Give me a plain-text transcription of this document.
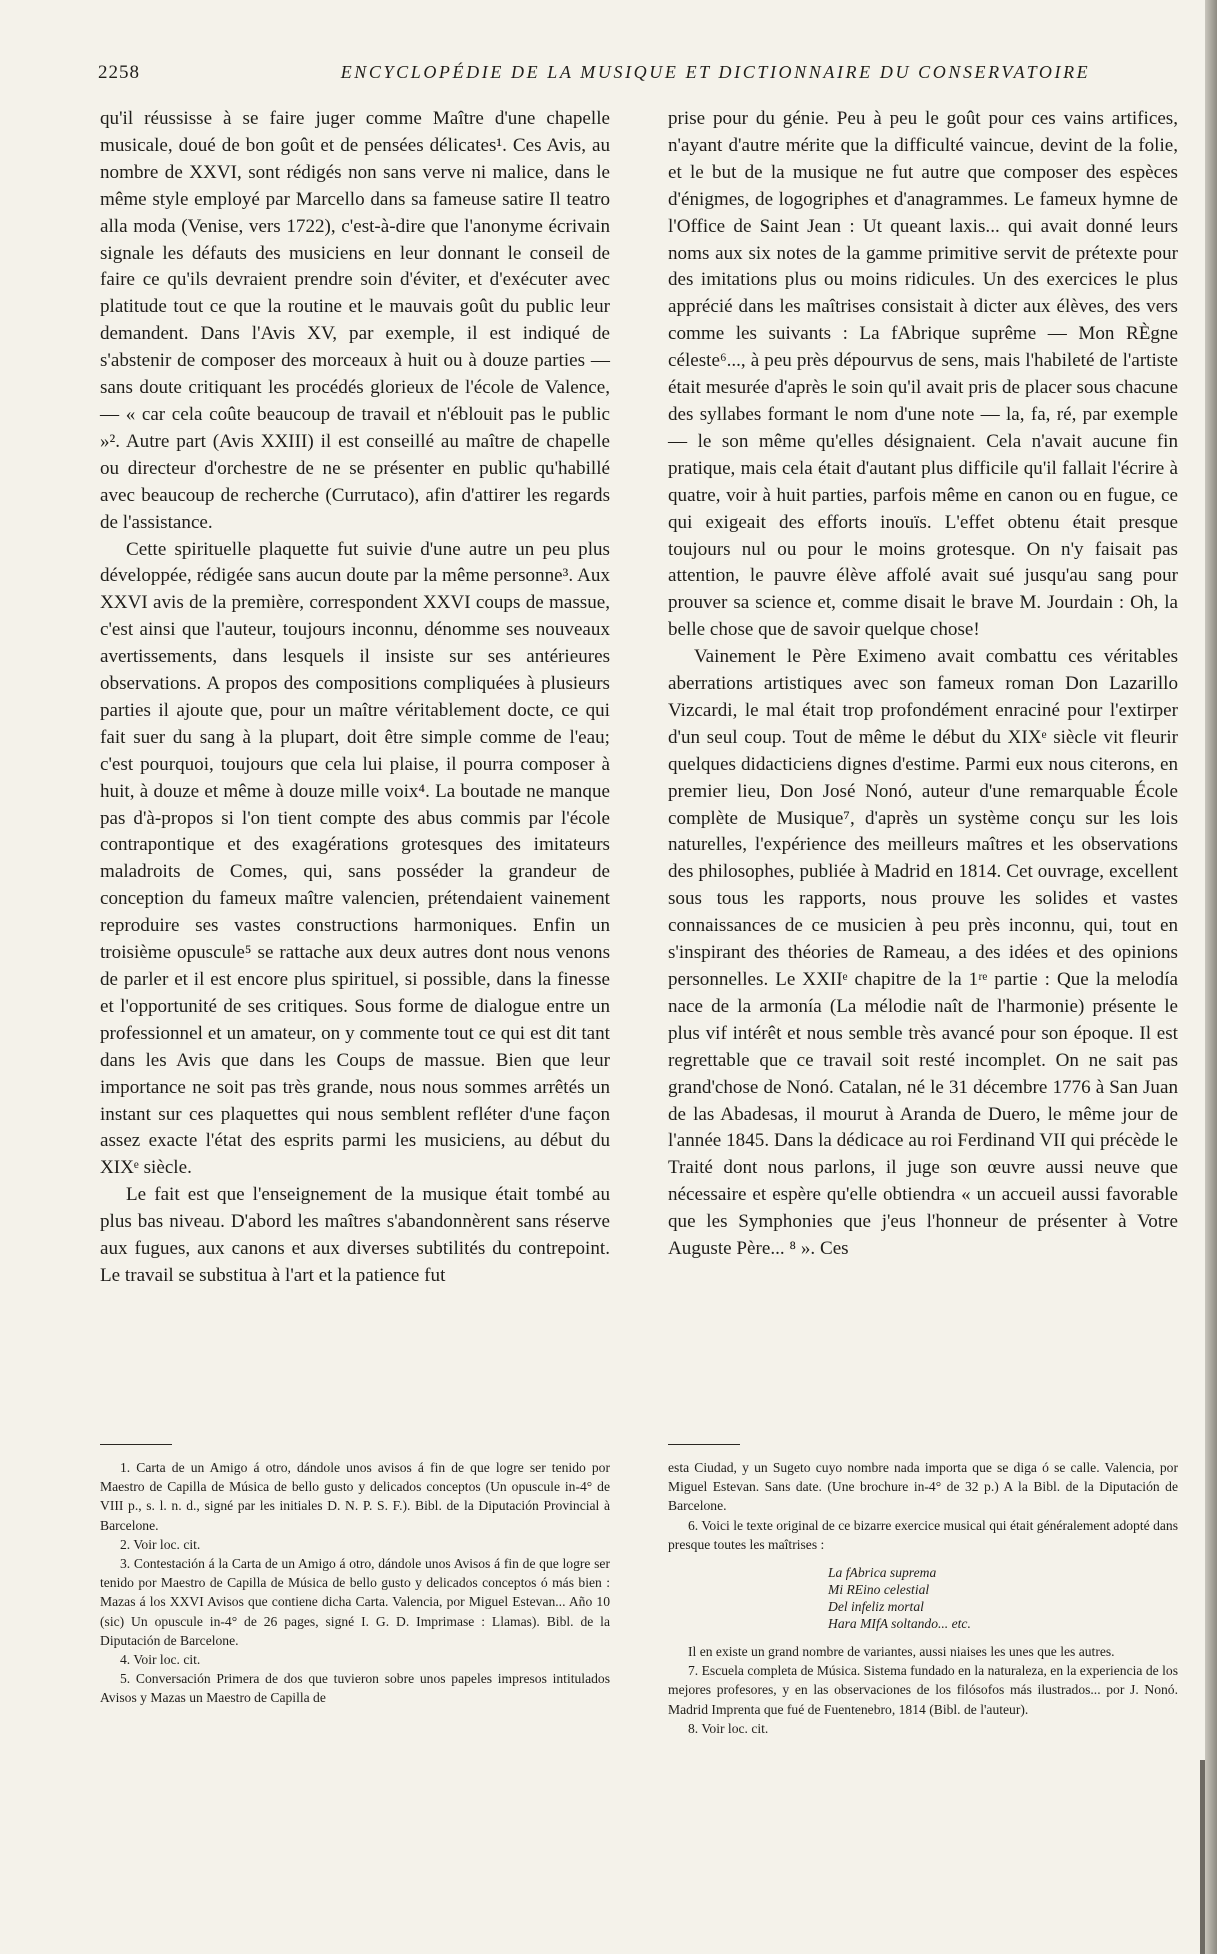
2258	ENCYCLOPÉDIE DE LA MUSIQUE ET DICTIONNAIRE DU CONSERVATOIRE

qu'il réussisse à se faire juger comme Maître d'une chapelle musicale, doué de bon goût et de pensées délicates¹. Ces Avis, au nombre de XXVI, sont rédigés non sans verve ni malice, dans le même style employé par Marcello dans sa fameuse satire Il teatro alla moda (Venise, vers 1722), c'est-à-dire que l'anonyme écrivain signale les défauts des musiciens en leur donnant le conseil de faire ce qu'ils devraient prendre soin d'éviter, et d'exécuter avec platitude tout ce que la routine et le mauvais goût du public leur demandent. Dans l'Avis XV, par exemple, il est indiqué de s'abstenir de composer des morceaux à huit ou à douze parties — sans doute critiquant les procédés glorieux de l'école de Valence, — « car cela coûte beaucoup de travail et n'éblouit pas le public »². Autre part (Avis XXIII) il est conseillé au maître de chapelle ou directeur d'orchestre de ne se présenter en public qu'habillé avec beaucoup de recherche (Currutaco), afin d'attirer les regards de l'assistance.

Cette spirituelle plaquette fut suivie d'une autre un peu plus développée, rédigée sans aucun doute par la même personne³. Aux XXVI avis de la première, correspondent XXVI coups de massue, c'est ainsi que l'auteur, toujours inconnu, dénomme ses nouveaux avertissements, dans lesquels il insiste sur ses antérieures observations. A propos des compositions compliquées à plusieurs parties il ajoute que, pour un maître véritablement docte, ce qui fait suer du sang à la plupart, doit être simple comme de l'eau; c'est pourquoi, toujours que cela lui plaise, il pourra composer à huit, à douze et même à douze mille voix⁴. La boutade ne manque pas d'à-propos si l'on tient compte des abus commis par l'école contrapontique et des exagérations grotesques des imitateurs maladroits de Comes, qui, sans posséder la grandeur de conception du fameux maître valencien, prétendaient vainement reproduire ses vastes constructions harmoniques. Enfin un troisième opuscule⁵ se rattache aux deux autres dont nous venons de parler et il est encore plus spirituel, si possible, dans la finesse et l'opportunité de ses critiques. Sous forme de dialogue entre un professionnel et un amateur, on y commente tout ce qui est dit tant dans les Avis que dans les Coups de massue. Bien que leur importance ne soit pas très grande, nous nous sommes arrêtés un instant sur ces plaquettes qui nous semblent refléter d'une façon assez exacte l'état des esprits parmi les musiciens, au début du XIXᵉ siècle.

Le fait est que l'enseignement de la musique était tombé au plus bas niveau. D'abord les maîtres s'abandonnèrent sans réserve aux fugues, aux canons et aux diverses subtilités du contrepoint. Le travail se substitua à l'art et la patience fut

prise pour du génie. Peu à peu le goût pour ces vains artifices, n'ayant d'autre mérite que la difficulté vaincue, devint de la folie, et le but de la musique ne fut autre que composer des espèces d'énigmes, de logogriphes et d'anagrammes. Le fameux hymne de l'Office de Saint Jean : Ut queant laxis... qui avait donné leurs noms aux six notes de la gamme primitive servit de prétexte pour des imitations plus ou moins ridicules. Un des exercices le plus apprécié dans les maîtrises consistait à dicter aux élèves, des vers comme les suivants : La fAbrique suprême — Mon RÈgne céleste⁶..., à peu près dépourvus de sens, mais l'habileté de l'artiste était mesurée d'après le soin qu'il avait pris de placer sous chacune des syllabes formant le nom d'une note — la, fa, ré, par exemple — le son même qu'elles désignaient. Cela n'avait aucune fin pratique, mais cela était d'autant plus difficile qu'il fallait l'écrire à quatre, voir à huit parties, parfois même en canon ou en fugue, ce qui exigeait des efforts inouïs. L'effet obtenu était presque toujours nul ou pour le moins grotesque. On n'y faisait pas attention, le pauvre élève affolé avait sué jusqu'au sang pour prouver sa science et, comme disait le brave M. Jourdain : Oh, la belle chose que de savoir quelque chose!

Vainement le Père Eximeno avait combattu ces véritables aberrations artistiques avec son fameux roman Don Lazarillo Vizcardi, le mal était trop profondément enraciné pour l'extirper d'un seul coup. Tout de même le début du XIXᵉ siècle vit fleurir quelques didacticiens dignes d'estime. Parmi eux nous citerons, en premier lieu, Don José Nonó, auteur d'une remarquable École complète de Musique⁷, d'après un système conçu sur les lois naturelles, l'expérience des meilleurs maîtres et les observations des philosophes, publiée à Madrid en 1814. Cet ouvrage, excellent sous tous les rapports, nous prouve les solides et vastes connaissances de ce musicien à peu près inconnu, qui, tout en s'inspirant des théories de Rameau, a des idées et des opinions personnelles. Le XXIIᵉ chapitre de la 1ʳᵉ partie : Que la melodía nace de la armonía (La mélodie naît de l'harmonie) présente le plus vif intérêt et nous semble très avancé pour son époque. Il est regrettable que ce travail soit resté incomplet. On ne sait pas grand'chose de Nonó. Catalan, né le 31 décembre 1776 à San Juan de las Abadesas, il mourut à Aranda de Duero, le même jour de l'année 1845. Dans la dédicace au roi Ferdinand VII qui précède le Traité dont nous parlons, il juge son œuvre aussi neuve que nécessaire et espère qu'elle obtiendra « un accueil aussi favorable que les Symphonies que j'eus l'honneur de présenter à Votre Auguste Père... ⁸ ». Ces

1. Carta de un Amigo á otro, dándole unos avisos á fin de que logre ser tenido por Maestro de Capilla de Música de bello gusto y delicados conceptos (Un opuscule in-4° de VIII p., s. l. n. d., signé par les initiales D. N. P. S. F.). Bibl. de la Diputación Provincial à Barcelone.

2. Voir loc. cit.

3. Contestación á la Carta de un Amigo á otro, dándole unos Avisos á fin de que logre ser tenido por Maestro de Capilla de Música de bello gusto y delicados conceptos ó más bien : Mazas á los XXVI Avisos que contiene dicha Carta. Valencia, por Miguel Estevan... Año 10 (sic) Un opuscule in-4° de 26 pages, signé I. G. D. Imprimase : Llamas). Bibl. de la Diputación de Barcelone.

4. Voir loc. cit.

5. Conversación Primera de dos que tuvieron sobre unos papeles impresos intitulados Avisos y Mazas un Maestro de Capilla de

esta Ciudad, y un Sugeto cuyo nombre nada importa que se diga ó se calle. Valencia, por Miguel Estevan. Sans date. (Une brochure in-4° de 32 p.) A la Bibl. de la Diputación de Barcelone.

6. Voici le texte original de ce bizarre exercice musical qui était généralement adopté dans presque toutes les maîtrises :

La fAbrica suprema
Mi REino celestial
Del infeliz mortal
Hara MIfA soltando... etc.

Il en existe un grand nombre de variantes, aussi niaises les unes que les autres.

7. Escuela completa de Música. Sistema fundado en la naturaleza, en la experiencia de los mejores profesores, y en las observaciones de los filósofos más ilustrados... por J. Nonó. Madrid Imprenta que fué de Fuentenebro, 1814 (Bibl. de l'auteur).

8. Voir loc. cit.
